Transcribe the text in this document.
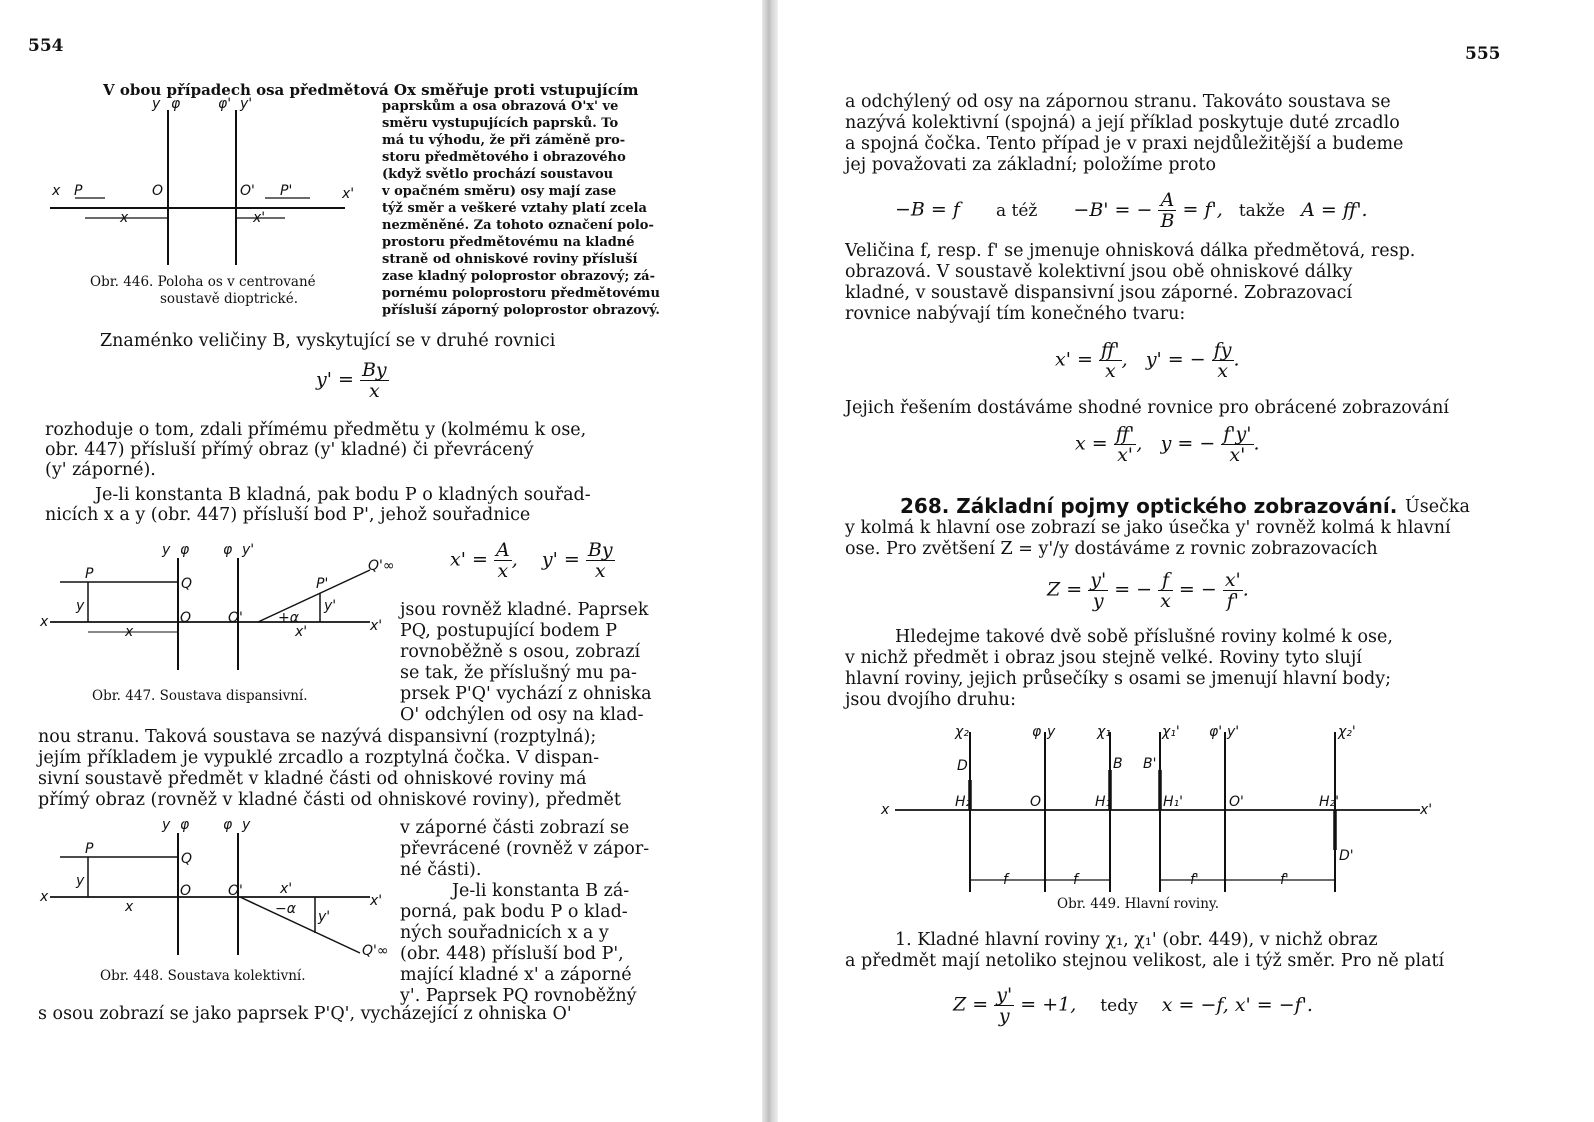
554
V obou případech osa předmětová Ox směřuje proti vstupujícím
paprskům a osa obrazová O'x' ve
směru vystupujících paprsků. To
má tu výhodu, že při záměně pro-
storu předmětového i obrazového
(když světlo prochází soustavou
v opačném směru) osy mají zase
týž směr a veškeré vztahy platí zcela
nezměněné. Za tohoto označení polo-
prostoru předmětovému na kladné
straně od ohniskové roviny přísluší
zase kladný poloprostor obrazový; zá-
pornému poloprostoru předmětovému
přísluší záporný poloprostor obrazový.
y φ	φ' y'
x P	O	O' P'	x'
x	x'
Obr. 446. Poloha os v centrované
soustavě dioptrické.
Znaménko veličiny B, vyskytující se v druhé rovnici
$y' = \frac{By}{x}$
rozhoduje o tom, zdali přímému předmětu y (kolmému k ose,
obr. 447) přísluší přímý obraz (y' kladné) či převrácený
(y' záporné).
Je-li konstanta B kladná, pak bodu P o kladných souřad-
nicích x a y (obr. 447) přísluší bod P', jehož souřadnice
y φ φ y'
P
Q
Q'∞
P'
y	y'
+α
x
O	O'
x'
x	x'
$x' = \frac{A}{x}$ ,    $y' = \frac{By}{x}$
jsou rovněž kladné. Paprsek
PQ, postupující bodem P
rovnoběžně s osou, zobrazí
se tak, že příslušný mu pa-
prsek P'Q' vychází z ohniska
O' odchýlen od osy na klad-
Obr. 447. Soustava dispansivní.
nou stranu. Taková soustava se nazývá dispansivní (rozptylná);
jejím příkladem je vypuklé zrcadlo a rozptylná čočka. V dispan-
sivní soustavě předmět v kladné části od ohniskové roviny má
přímý obraz (rovněž v kladné části od ohniskové roviny), předmět
y φ φ y
P
Q
y
O	O'
x
x'
−α y'
Q'∞
x	x'
v záporné části zobrazí se
převrácené (rovněž v zápor-
né části).
Je-li konstanta B zá-
porná, pak bodu P o klad-
ných souřadnicích x a y
(obr. 448) přísluší bod P',
mající kladné x' a záporné
y'. Paprsek PQ rovnoběžný
Obr. 448. Soustava kolektivní.
s osou zobrazí se jako paprsek P'Q', vycházející z ohniska O'
555
a odchýlený od osy na zápornou stranu. Takováto soustava se
nazývá kolektivní (spojná) a její příklad poskytuje duté zrcadlo
a spojná čočka. Tento případ je v praxi nejdůležitější a budeme
jej považovati za základní; položíme proto
−B = f a též −B' = − $\frac{A}{B} = f'$, takže A = ff'.
Veličina f, resp. f' se jmenuje ohnisková dálka předmětová, resp.
obrazová. V soustavě kolektivní jsou obě ohniskové dálky
kladné, v soustavě dispansivní jsou záporné. Zobrazovací
rovnice nabývají tím konečného tvaru:
$x' = \frac{ff'}{x}$ ,   y' = − $\frac{fy}{x}$ .
Jejich řešením dostáváme shodné rovnice pro obrácené zobrazování
$x = \frac{ff'}{x'}$ ,   y = − $\frac{f'y'}{x'}$ .
268. Základní pojmy optického zobrazování. Úsečka
y kolmá k hlavní ose zobrazí se jako úsečka y' rovněž kolmá k hlavní
ose. Pro zvětšení Z = y'/y dostáváme z rovnic zobrazovacích
$Z = \frac{y'}{y}$ = − $\frac{f}{x}$ = − $\frac{x'}{f'}$ .
Hledejme takové dvě sobě příslušné roviny kolmé k ose,
v nichž předmět i obraz jsou stejně velké. Roviny tyto slují
hlavní roviny, jejich průsečíky s osami se jmenují hlavní body;
jsou dvojího druhu:
χ₂	φ y	χ₁	χ₁' φ' y'	χ₂'
D	B B'
x	H₂	O	H₁	H₁'	O'	H₂'	x'
D'
f	f	f'	f'
Obr. 449. Hlavní roviny.
1. Kladné hlavní roviny χ₁, χ₁' (obr. 449), v nichž obraz
a předmět mají netoliko stejnou velikost, ale i týž směr. Pro ně platí
$Z = \frac{y'}{y} = +1$, tedy x = −f, x' = −f'.
